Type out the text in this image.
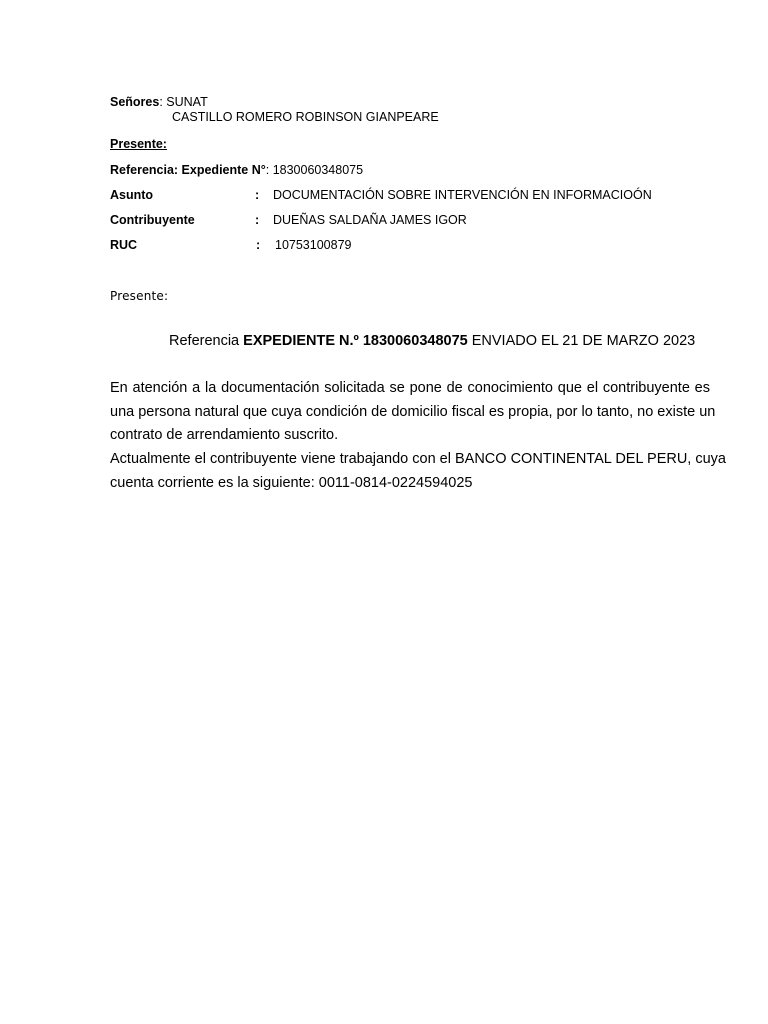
Señores: SUNAT
CASTILLO ROMERO ROBINSON GIANPEARE
Presente:
Referencia: Expediente N°: 1830060348075
Asunto	: DOCUMENTACIÓN SOBRE INTERVENCIÓN EN INFORMACIOÓN
Contribuyente	: DUEÑAS SALDAÑA JAMES IGOR
RUC	: 10753100879
Presente:
Referencia EXPEDIENTE N.º 1830060348075 ENVIADO EL 21 DE MARZO 2023
En atención a la documentación solicitada se pone de conocimiento que el contribuyente es
una persona natural que cuya condición de domicilio fiscal es propia, por lo tanto, no existe un
contrato de arrendamiento suscrito.
Actualmente el contribuyente viene trabajando con el BANCO CONTINENTAL DEL PERU, cuya
cuenta corriente es la siguiente: 0011-0814-0224594025
